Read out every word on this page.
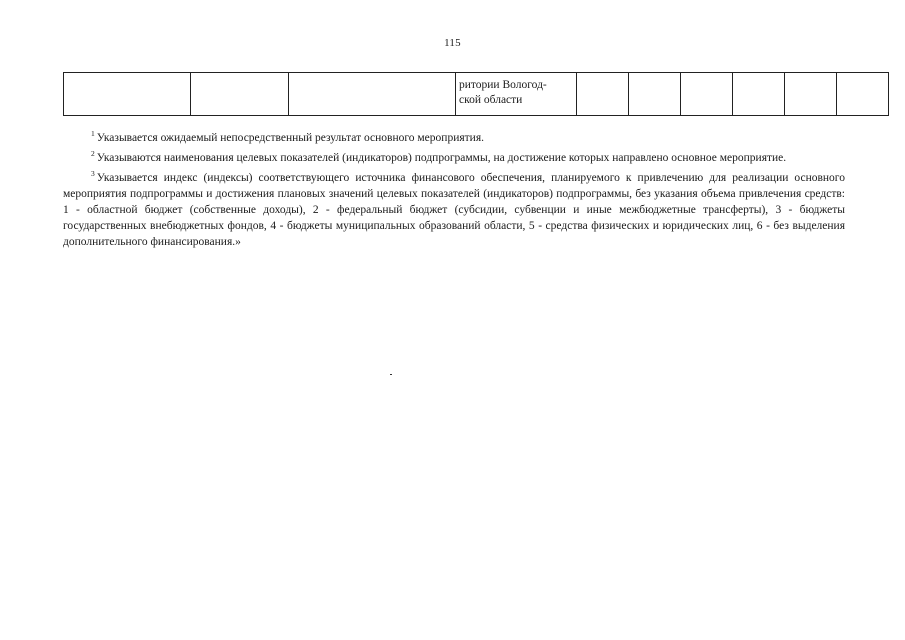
115

ритории Вологод-
ской области

$^1$ Указывается ожидаемый непосредственный результат основного мероприятия.

$^2$ Указываются наименования целевых показателей (индикаторов) подпрограммы, на достижение которых направлено основное мероприятие.

$^3$ Указывается индекс (индексы) соответствующего источника финансового обеспечения, планируемого к привлечению для реализации основного мероприятия подпрограммы и достижения плановых значений целевых показателей (индикаторов) подпрограммы, без указания объема привлечения средств: 1 - областной бюджет (собственные доходы), 2 - федеральный бюджет (субсидии, субвенции и иные межбюджетные трансферты), 3 - бюджеты государственных внебюджетных фондов, 4 - бюджеты муниципальных образований области, 5 - средства физических и юридических лиц, 6 - без выделения дополнительного финансирования.»
